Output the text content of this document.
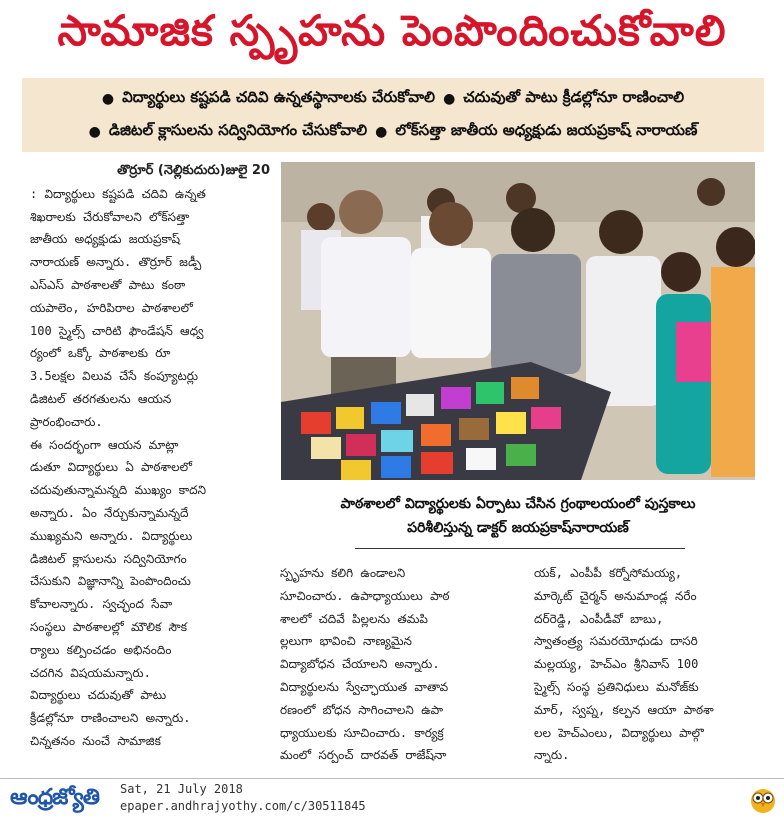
సామాజిక స్పృహను పెంపొందించుకోవాలి
● విద్యార్థులు కష్టపడి చదివి ఉన్నతస్థానాలకు చేరుకోవాలి ● చదువుతో పాటు క్రీడల్లోనూ రాణించాలి
● డిజిటల్ క్లాసులను సద్వినియోగం చేసుకోవాలి ● లోక్‌సత్తా జాతీయ అధ్యక్షుడు జయప్రకాష్ నారాయణ్

తొర్రూర్ (నెల్లికుదురు)జులై 20

: విద్యార్థులు కష్టపడి చదివి ఉన్నత

శిఖరాలకు చేరుకోవాలని లోక్‌సత్తా

జాతీయ అధ్యక్షుడు జయప్రకాష్

నారాయణ్ అన్నారు. తొర్రూర్ జడ్పీ

ఎస్‌ఎస్ పాఠశాలతో పాటు కంఠా

యపాలెం, హరిపిరాల పాఠశాలలో

100 స్మైల్స్ చారిటి ఫౌండేషన్ ఆధ్వ

ర్యంలో ఒక్కో పాఠశాలకు రూ

3.5లక్షల విలువ చేసే కంప్యూటర్లు

డిజిటల్ తరగతులను ఆయన

ప్రారంభించారు.

ఈ సందర్భంగా ఆయన మాట్లా

డుతూ విద్యార్థులు ఏ పాఠశాలలో

చదువుతున్నామన్నది ముఖ్యం కాదని

అన్నారు. ఏం నేర్చుకున్నామన్నదే

ముఖ్యమని అన్నారు. విద్యార్థులు

డిజిటల్ క్లాసులను సద్వినియోగం

చేసుకుని విజ్ఞానాన్ని పెంపొందించు

కోవాలన్నారు. స్వచ్ఛంద సేవా

సంస్థలు పాఠశాలల్లో మౌలిక సౌక

ర్యాలు కల్పించడం అభినందిం

చదగిన విషయమన్నారు.

విద్యార్థులు చదువుతో పాటు

క్రీడల్లోనూ రాణించాలని అన్నారు.

చిన్నతనం నుంచే సామాజిక

పాఠశాలలో విద్యార్థులకు ఏర్పాటు చేసిన గ్రంథాలయంలో పుస్తకాలు
పరిశీలిస్తున్న డాక్టర్ జయప్రకాష్‌నారాయణ్

స్పృహను కలిగి ఉండాలని

సూచించారు. ఉపాధ్యాయులు పాఠ

శాలలో చదివే పిల్లలను తమపి

ల్లలుగా భావించి నాణ్యమైన

విద్యాబోధన చేయాలని అన్నారు.

విద్యార్థులను స్వేచ్ఛాయుత వాతావ

రణంలో బోధన సాగించాలని ఉపా

ధ్యాయులకు సూచించారు. కార్యక్ర

మంలో సర్పంచ్ దారవత్ రాజేష్‌నా

యక్, ఎంపీపీ కర్నోసోమయ్య,

మార్కెట్ చైర్మన్ అనుమాండ్ల నరేం

దర్‌రెడ్డి, ఎంపీడీవో బాబు,

స్వాతంత్ర్య సమరయోధుడు దాసరి

మల్లయ్య, హెచ్‌ఎం శ్రీనివాస్ 100

స్మైల్స్ సంస్థ ప్రతినిధులు మనోజ్‌కు

మార్, స్వప్న, కల్పన ఆయా పాఠశా

లల హెచ్‌ఎంలు, విద్యార్థులు పాల్గొ

న్నారు.

ఆంధ్రజ్యోతి Sat, 21 July 2018
epaper.andhrajyothy.com/c/30511845
